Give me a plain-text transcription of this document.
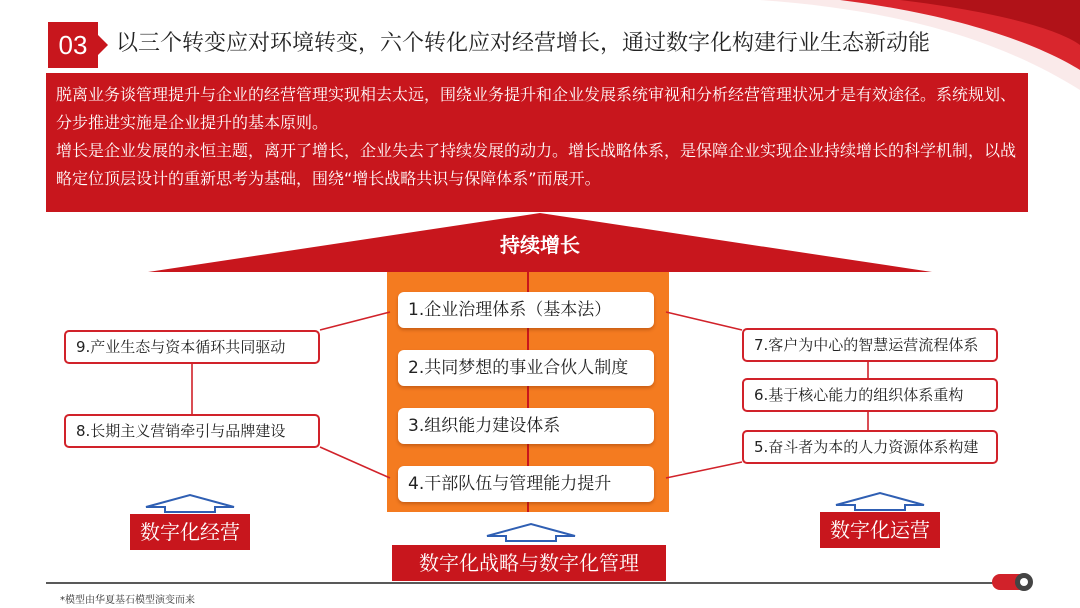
03	以三个转变应对环境转变，六个转化应对经营增长，通过数字化构建行业生态新动能

脱离业务谈管理提升与企业的经营管理实现相去太远，围绕业务提升和企业发展系统审视和分析经营管理状况才是有效途径。系统规划、分步推进实施是企业提升的基本原则。

增长是企业发展的永恒主题，离开了增长，企业失去了持续发展的动力。增长战略体系，是保障企业实现企业持续增长的科学机制，以战略定位顶层设计的重新思考为基础，围绕“增长战略共识与保障体系”而展开。

持续增长
1.企业治理体系（基本法）
2.共同梦想的事业合伙人制度
3.组织能力建设体系
4.干部队伍与管理能力提升
9.产业生态与资本循环共同驱动
8.长期主义营销牵引与品牌建设
7.客户为中心的智慧运营流程体系
6.基于核心能力的组织体系重构
5.奋斗者为本的人力资源体系构建
数字化经营
数字化战略与数字化管理
数字化运营
*模型由华夏基石模型演变而来
